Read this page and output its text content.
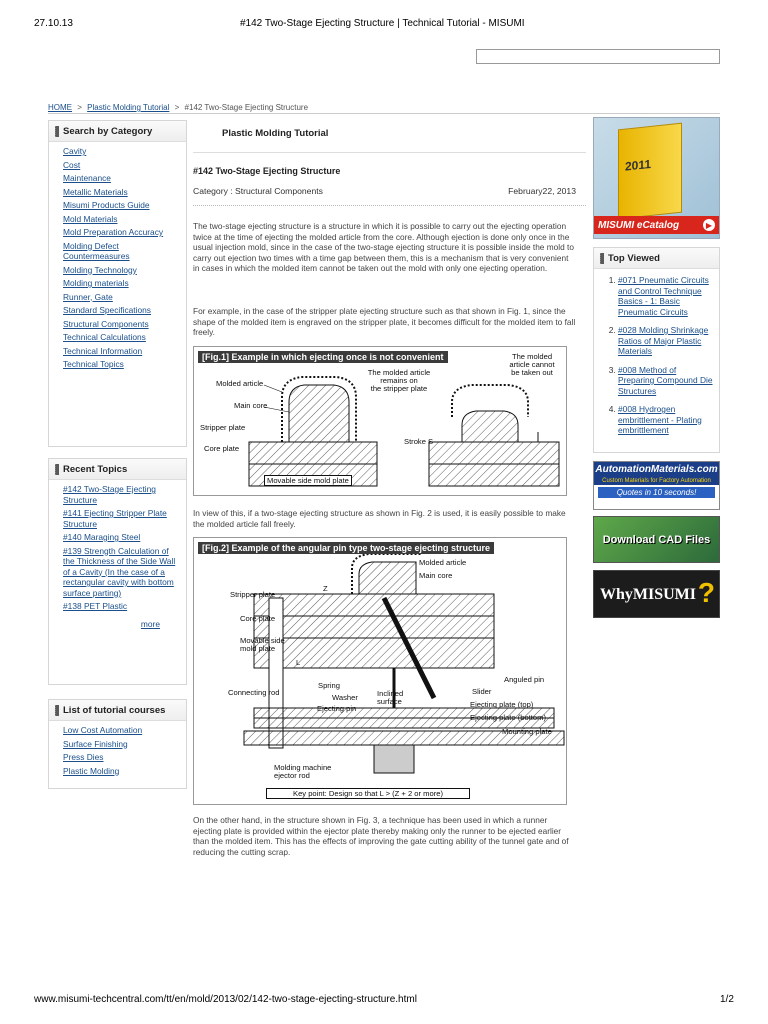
27.10.13	#142 Two-Stage Ejecting Structure | Technical Tutorial - MISUMI
HOME > Plastic Molding Tutorial > #142 Two-Stage Ejecting Structure
Search by Category
Cavity
Cost
Maintenance
Metallic Materials
Misumi Products Guide
Mold Materials
Mold Preparation Accuracy
Molding Defect Countermeasures
Molding Technology
Molding materials
Runner, Gate
Standard Specifications
Structural Components
Technical Calculations
Technical Information
Technical Topics
Recent Topics
#142 Two-Stage Ejecting Structure
#141 Ejecting Stripper Plate Structure
#140 Maraging Steel
#139 Strength Calculation of the Thickness of the Side Wall of a Cavity (In the case of a rectangular cavity with bottom surface parting)
#138 PET Plastic
more
List of tutorial courses
Low Cost Automation
Surface Finishing
Press Dies
Plastic Molding
Plastic Molding Tutorial
#142 Two-Stage Ejecting Structure
Category : Structural Components	February22, 2013

The two-stage ejecting structure is a structure in which it is possible to carry out the ejecting operation twice at the time of ejecting the molded article from the core. Although ejection is done only once in the usual injection mold, since in the case of the two-stage ejecting structure it is possible inside the mold to carry out ejection two times with a time gap between them, this is a mechanism that is very convenient in cases in which the molded item cannot be taken out the mold with only one ejecting operation.

For example, in the case of the stripper plate ejecting structure such as that shown in Fig. 1, since the shape of the molded item is engraved on the stripper plate, it becomes difficult for the molded item to fall freely.

[Fig.1] Example in which ejecting once is not convenient
Molded article
Main core
Stripper plate
Core plate
Movable side mold plate
The molded article
remains on
the stripper plate
The molded
article cannot
be taken out
Stroke S

In view of this, if a two-stage ejecting structure as shown in Fig. 2 is used, it is easily possible to make the molded article fall freely.

[Fig.2] Example of the angular pin type two-stage ejecting structure
Molded article
Main core
Stripper plate
Core plate
Movable side
mold plate
Z
L
Connecting rod
Spring
Washer
Ejecting pin
Inclined
surface
Slider
Anguled pin
Ejecting plate (top)
Ejecting plate (bottom)
Mounting plate
Molding machine
ejector rod
Key point: Design so that L > (Z + 2 or more)

On the other hand, in the structure shown in Fig. 3, a technique has been used in which a runner ejecting plate is provided within the ejector plate thereby making only the runner to be ejected earlier than the molded item. This has the effects of improving the gate cutting ability of the tunnel gate and of reducing the cutting scrap.

2011
MISUMI eCatalog	▶
Top Viewed
1. #071 Pneumatic Circuits and Control Technique Basics - 1: Basic Pneumatic Circuits
2. #028 Molding Shrinkage Ratios of Major Plastic Materials
3. #008 Method of Preparing Compound Die Structures
4. #008 Hydrogen embrittlement - Plating embrittlement
AutomationMaterials.com
Custom Materials for Factory Automation
Quotes in 10 seconds!
Download CAD Files
WhyMISUMI ?
www.misumi-techcentral.com/tt/en/mold/2013/02/142-two-stage-ejecting-structure.html	1/2
